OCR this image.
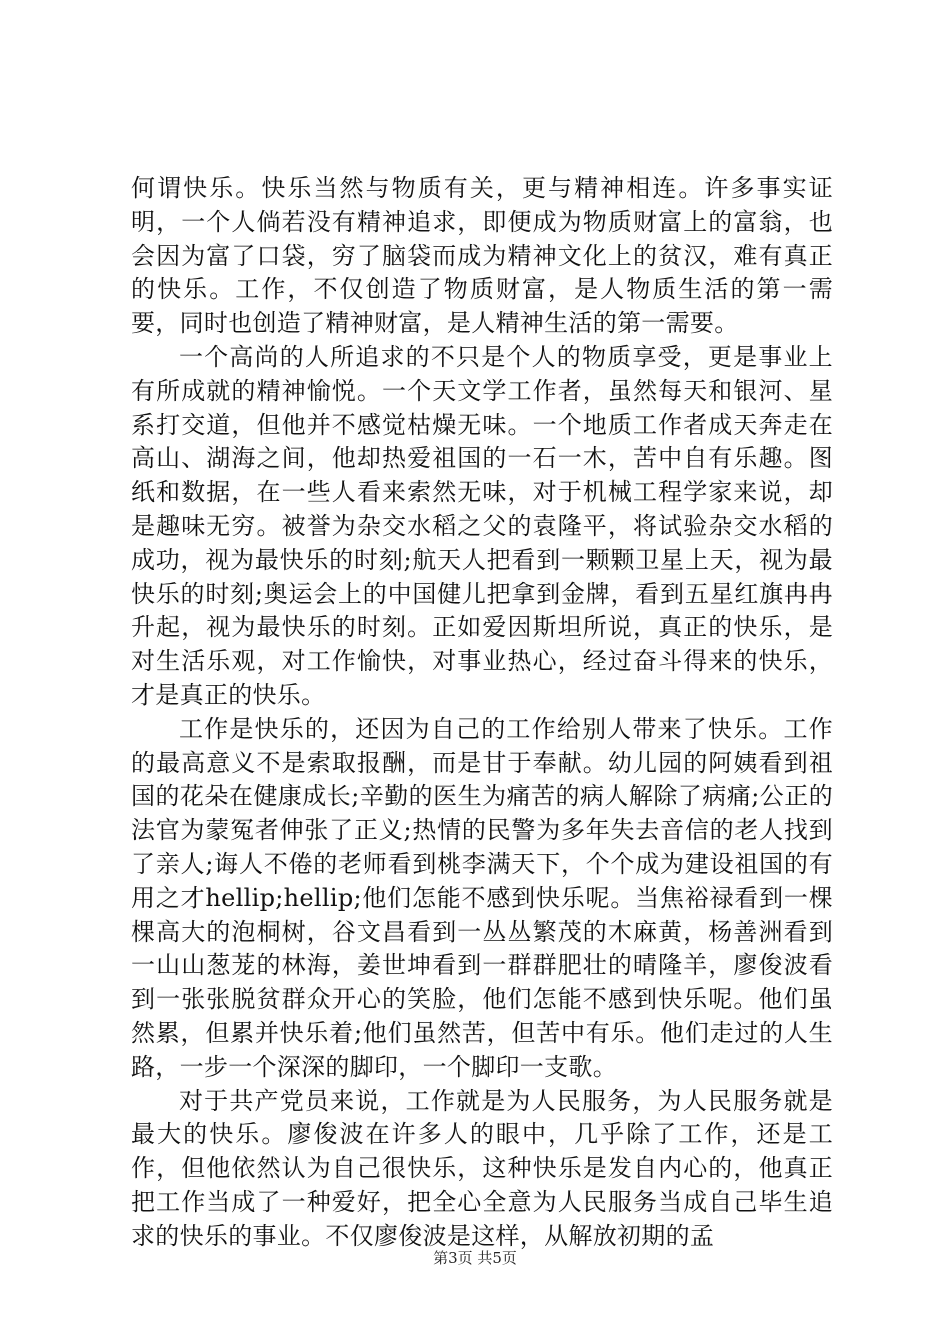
何谓快乐。快乐当然与物质有关，更与精神相连。许多事实证明，一个人倘若没有精神追求，即便成为物质财富上的富翁，也会因为富了口袋，穷了脑袋而成为精神文化上的贫汉，难有真正的快乐。工作，不仅创造了物质财富，是人物质生活的第一需要，同时也创造了精神财富，是人精神生活的第一需要。

一个高尚的人所追求的不只是个人的物质享受，更是事业上有所成就的精神愉悦。一个天文学工作者，虽然每天和银河、星系打交道，但他并不感觉枯燥无味。一个地质工作者成天奔走在高山、湖海之间，他却热爱祖国的一石一木，苦中自有乐趣。图纸和数据，在一些人看来索然无味，对于机械工程学家来说，却是趣味无穷。被誉为杂交水稻之父的袁隆平，将试验杂交水稻的成功，视为最快乐的时刻;航天人把看到一颗颗卫星上天，视为最快乐的时刻;奥运会上的中国健儿把拿到金牌，看到五星红旗冉冉升起，视为最快乐的时刻。正如爱因斯坦所说，真正的快乐，是对生活乐观，对工作愉快，对事业热心，经过奋斗得来的快乐，才是真正的快乐。

工作是快乐的，还因为自己的工作给别人带来了快乐。工作的最高意义不是索取报酬，而是甘于奉献。幼儿园的阿姨看到祖国的花朵在健康成长;辛勤的医生为痛苦的病人解除了病痛;公正的法官为蒙冤者伸张了正义;热情的民警为多年失去音信的老人找到了亲人;诲人不倦的老师看到桃李满天下，个个成为建设祖国的有用之才hellip;hellip;他们怎能不感到快乐呢。当焦裕禄看到一棵棵高大的泡桐树，谷文昌看到一丛丛繁茂的木麻黄，杨善洲看到一山山葱茏的林海，姜世坤看到一群群肥壮的晴隆羊，廖俊波看到一张张脱贫群众开心的笑脸，他们怎能不感到快乐呢。他们虽然累，但累并快乐着;他们虽然苦，但苦中有乐。他们走过的人生路，一步一个深深的脚印，一个脚印一支歌。

对于共产党员来说，工作就是为人民服务，为人民服务就是最大的快乐。廖俊波在许多人的眼中，几乎除了工作，还是工作，但他依然认为自己很快乐，这种快乐是发自内心的，他真正把工作当成了一种爱好，把全心全意为人民服务当成自己毕生追求的快乐的事业。不仅廖俊波是这样，从解放初期的孟

第3页 共5页
